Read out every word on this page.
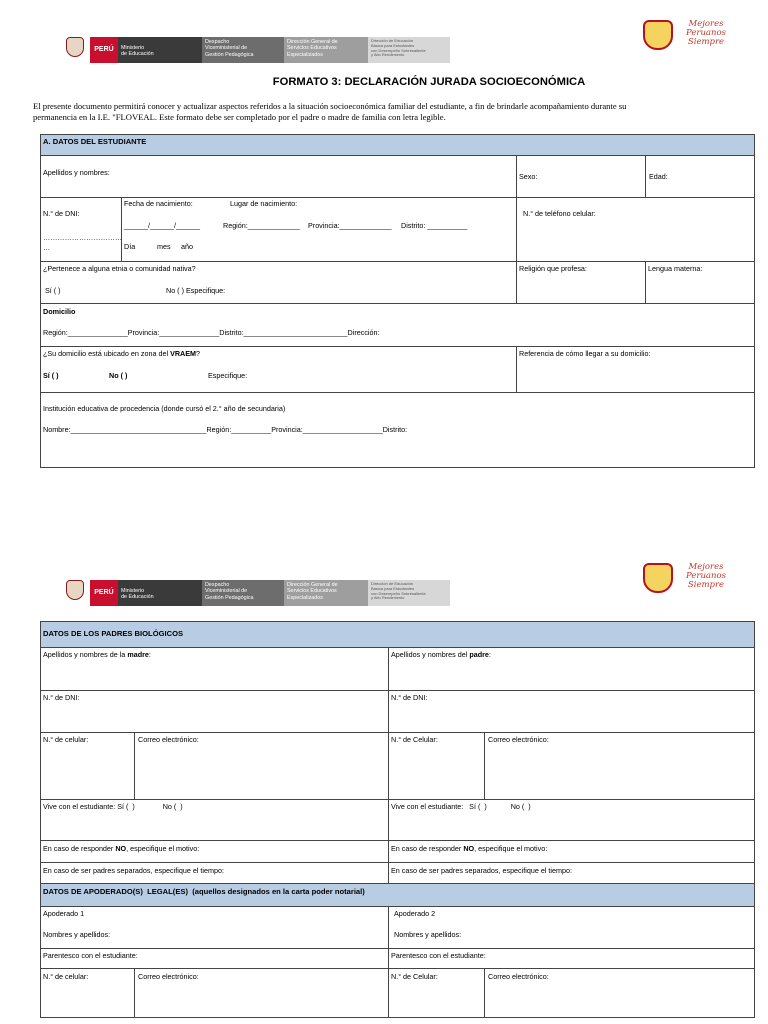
PERÚ	Ministerio
de Educación
Despacho
Viceministerial de
Gestión Pedagógica
Dirección General de
Servicios Educativos
Especializados
Dirección de Educación
Básica para Estudiantes
con Desempeño Sobresaliente
y Alto Rendimiento
Mejores
Peruanos
Siempre
FORMATO 3: DECLARACIÓN JURADA SOCIOECONÓMICA
El presente documento permitirá conocer y actualizar aspectos referidos a la situación socioeconómica familiar del estudiante, a fin de brindarle acompañamiento durante su
permanencia en la I.E. "FLOVEAL. Este formato debe ser completado por el padre o madre de familia con letra legible.
A. DATOS DEL ESTUDIANTE
Apellidos y nombres:	Sexo:	Edad:
N.° de DNI:
……………………………
…
Fecha de nacimiento:	Lugar de nacimiento:
______/______/______	Región:_____________ Provincia:_____________ Distrito: __________
Día	mes año
N.° de teléfono celular:
¿Pertenece a alguna etnia o comunidad nativa?
Sí ( )	No ( ) Especifique:
Religión que profesa:	Lengua materna:
Domicilio
Región:_______________Provincia:_______________Distrito:__________________________Dirección:
¿Su domicilio está ubicado en zona del VRAEM?
Sí ( )	No ( )	Especifique:
Referencia de cómo llegar a su domicilio:
Institución educativa de procedencia (donde cursó el 2.° año de secundaria)
Nombre:__________________________________Región:__________Provincia:____________________Distrito:
PERÚ	Ministerio
de Educación
Despacho
Viceministerial de
Gestión Pedagógica
Dirección General de
Servicios Educativos
Especializados
Dirección de Educación
Básica para Estudiantes
con Desempeño Sobresaliente
y Alto Rendimiento
Mejores
Peruanos
Siempre
DATOS DE LOS PADRES BIOLÓGICOS
Apellidos y nombres de la madre:	Apellidos y nombres del padre:
N.° de DNI:	N.° de DNI:
N.° de celular:	Correo electrónico:	N.° de Celular:	Correo electrónico:
Vive con el estudiante: Sí (  )              No (  )	Vive con el estudiante:   Sí (  )            No (  )
En caso de responder NO, especifique el motivo:	En caso de responder NO, especifique el motivo:
En caso de ser padres separados, especifique el tiempo:	En caso de ser padres separados, especifique el tiempo:
DATOS DE APODERADO(S)  LEGAL(ES)  (aquellos designados en la carta poder notarial)
Apoderado 1	Apoderado 2
Nombres y apellidos:	Nombres y apellidos:
Parentesco con el estudiante:	Parentesco con el estudiante:
N.° de celular:	Correo electrónico:	N.° de Celular:	Correo electrónico:
